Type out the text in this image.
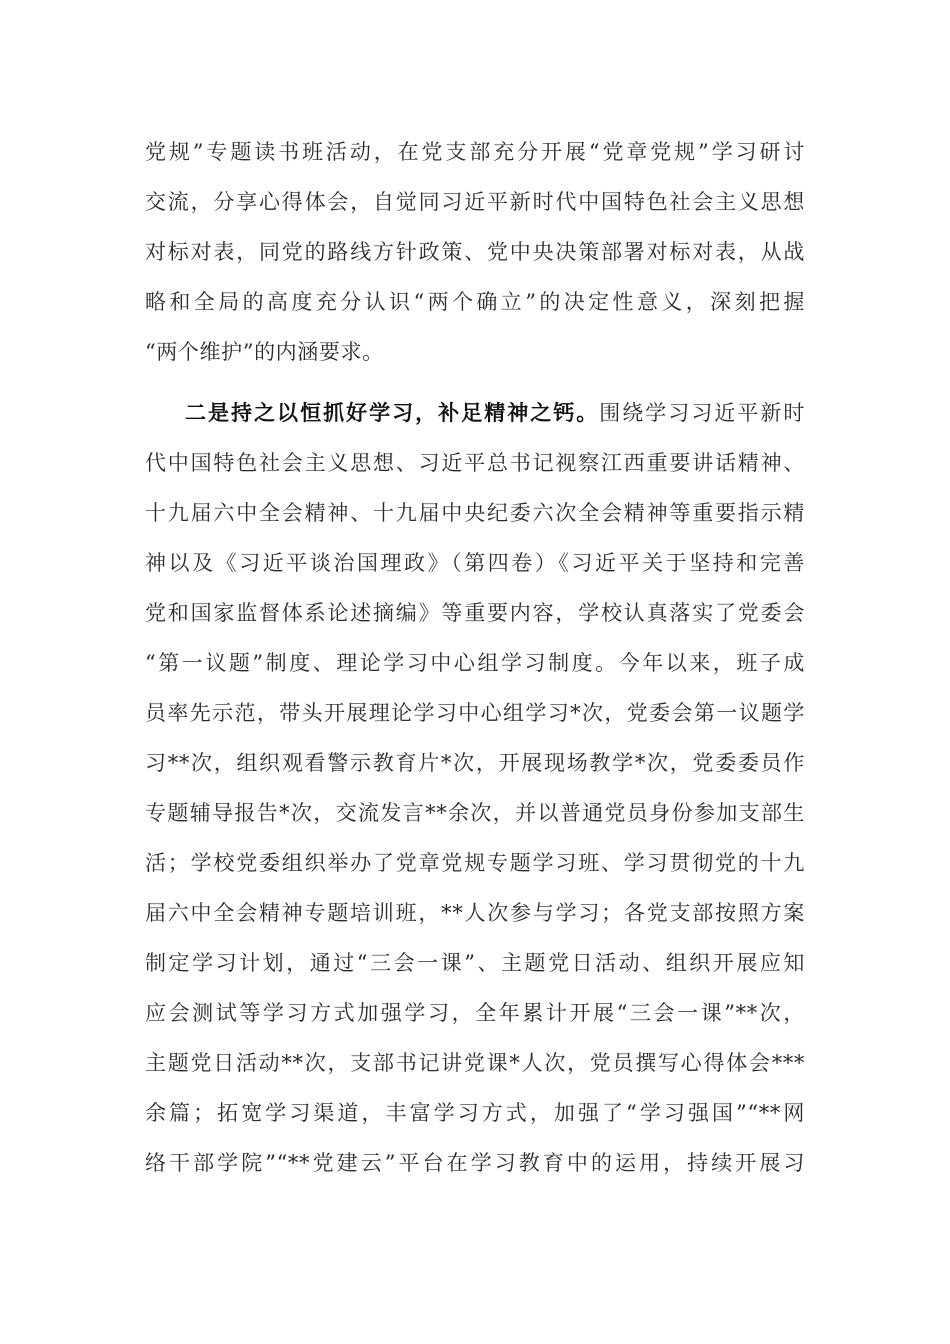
党规”专题读书班活动，在党支部充分开展“党章党规”学习研讨
交流，分享心得体会，自觉同习近平新时代中国特色社会主义思想
对标对表，同党的路线方针政策、党中央决策部署对标对表，从战
略和全局的高度充分认识“两个确立”的决定性意义，深刻把握
“两个维护”的内涵要求。
二是持之以恒抓好学习，补足精神之钙。围绕学习习近平新时
代中国特色社会主义思想、习近平总书记视察江西重要讲话精神、
十九届六中全会精神、十九届中央纪委六次全会精神等重要指示精
神以及《习近平谈治国理政》（第四卷）《习近平关于坚持和完善
党和国家监督体系论述摘编》等重要内容，学校认真落实了党委会
“第一议题”制度、理论学习中心组学习制度。今年以来，班子成
员率先示范，带头开展理论学习中心组学习*次，党委会第一议题学
习**次，组织观看警示教育片*次，开展现场教学*次，党委委员作
专题辅导报告*次，交流发言**余次，并以普通党员身份参加支部生
活；学校党委组织举办了党章党规专题学习班、学习贯彻党的十九
届六中全会精神专题培训班，**人次参与学习；各党支部按照方案
制定学习计划，通过“三会一课”、主题党日活动、组织开展应知
应会测试等学习方式加强学习，全年累计开展“三会一课”**次，
主题党日活动**次，支部书记讲党课*人次，党员撰写心得体会***
余篇；拓宽学习渠道，丰富学习方式，加强了“学习强国”“**网
络干部学院”“**党建云”平台在学习教育中的运用，持续开展习
